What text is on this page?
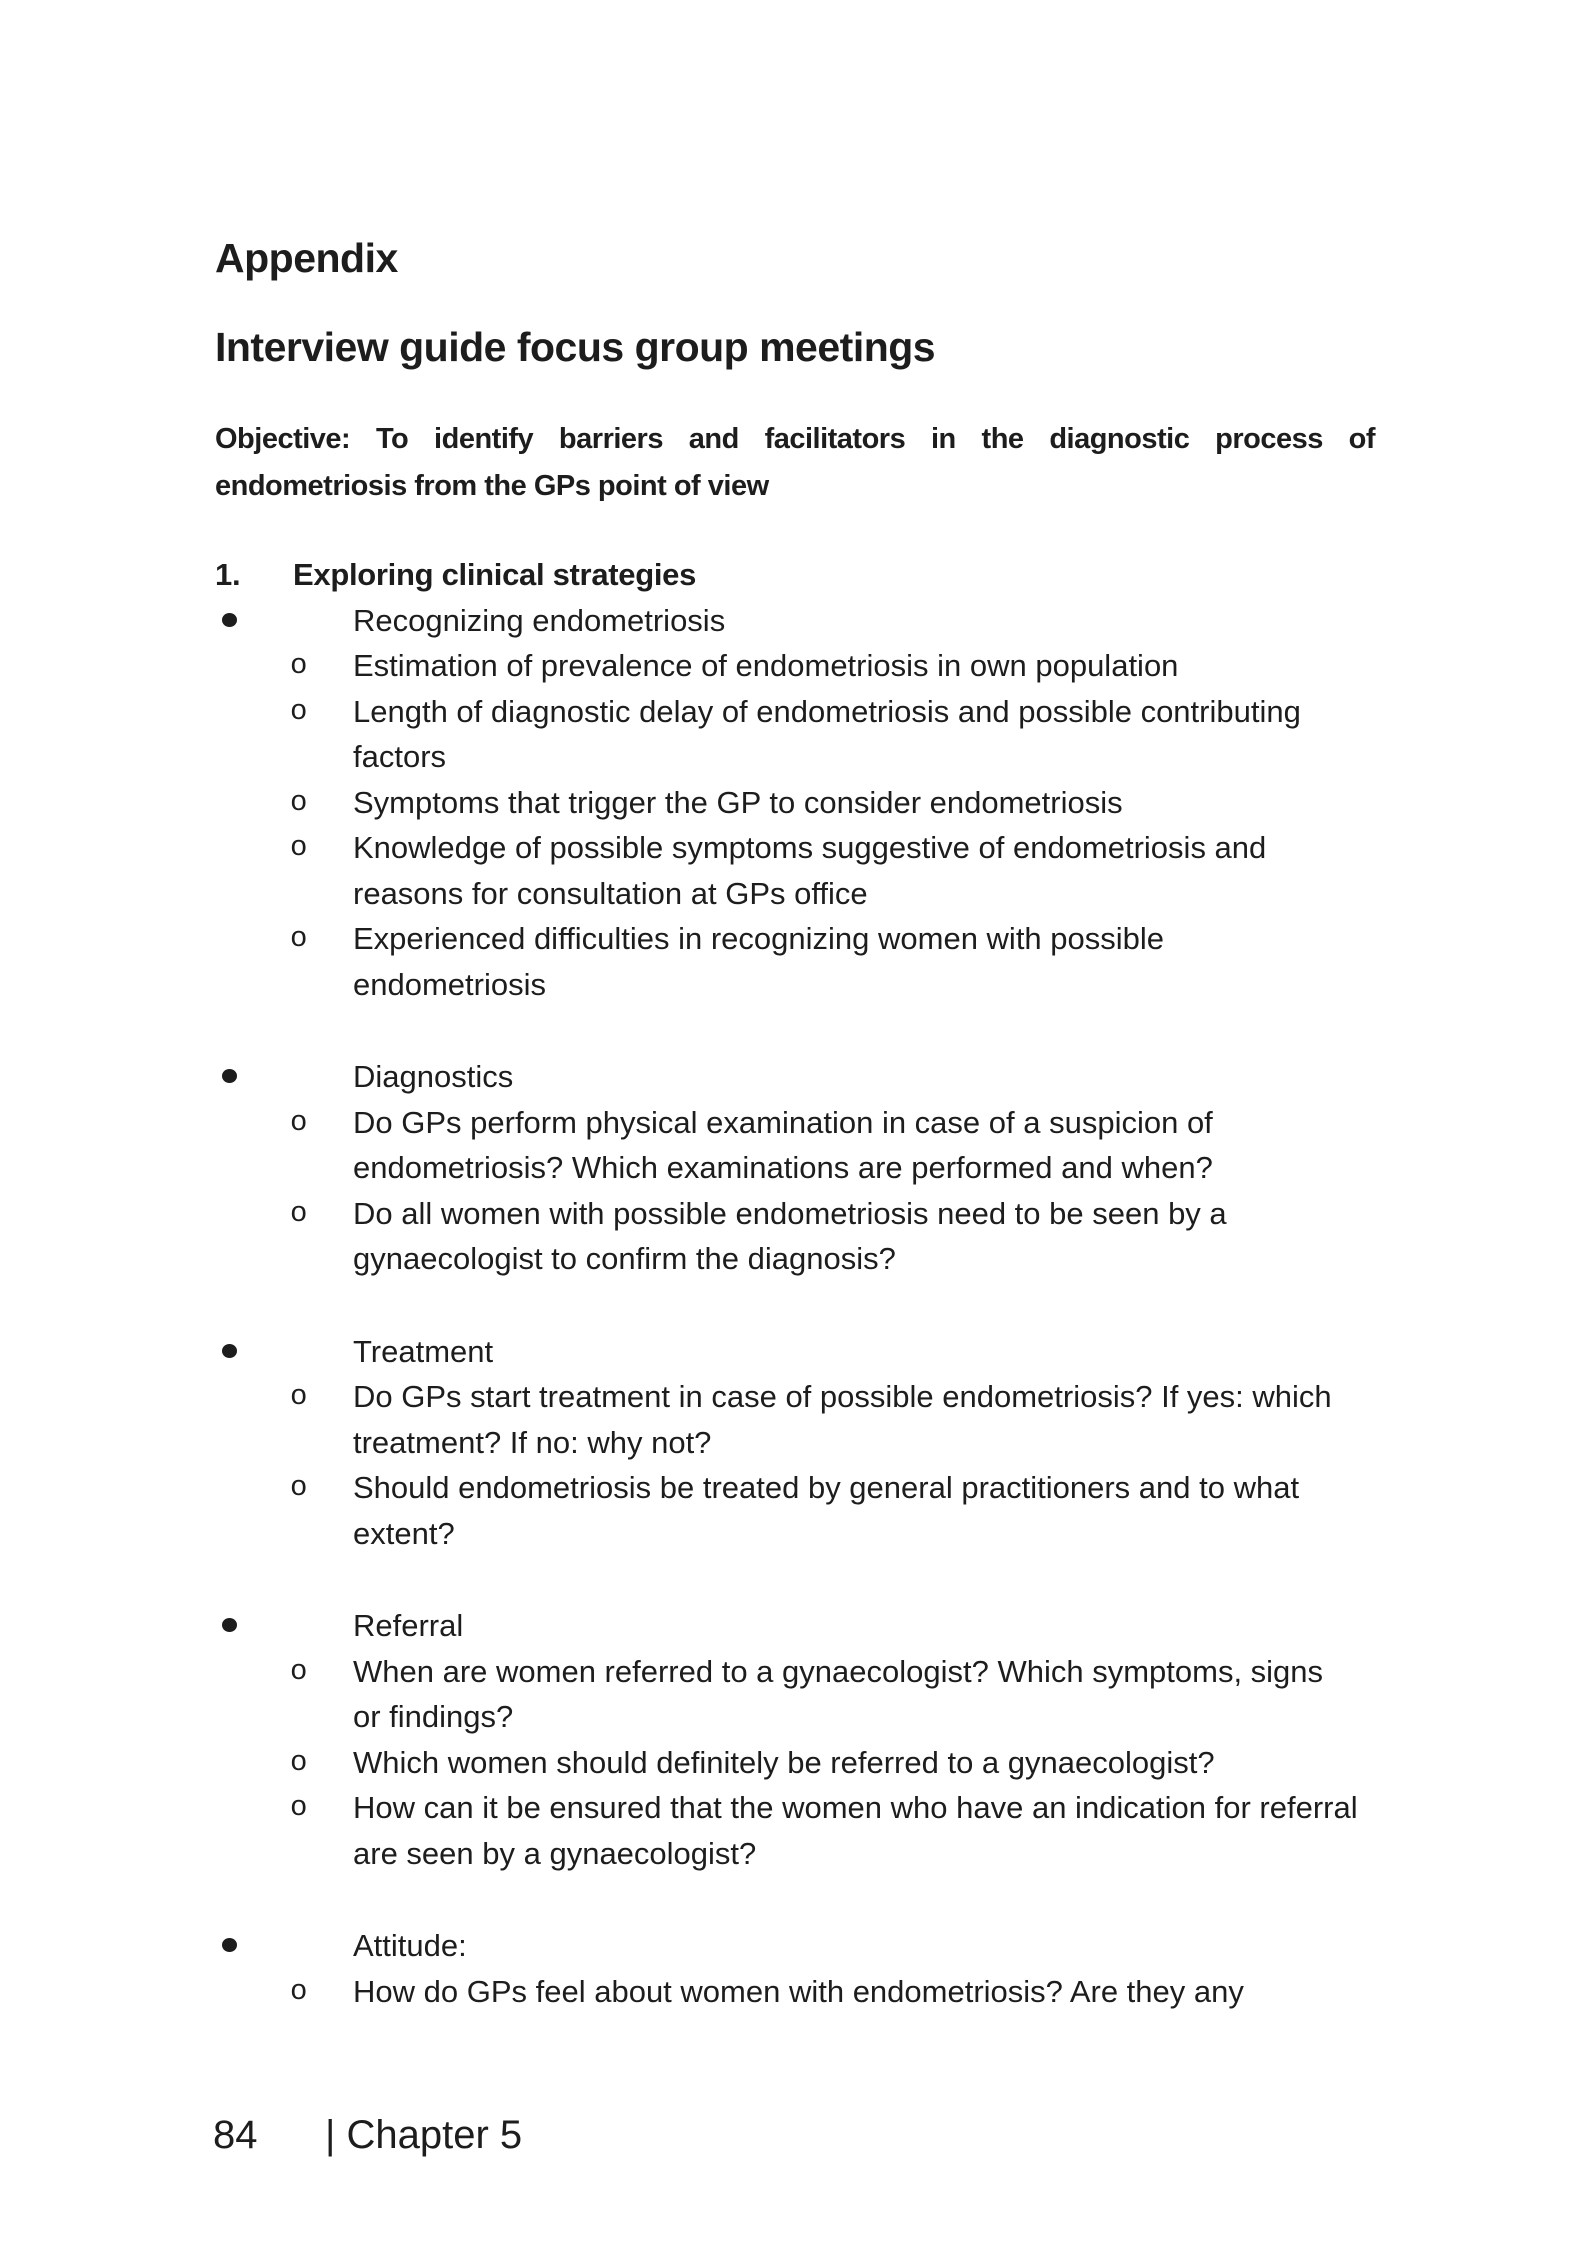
Appendix
Interview guide focus group meetings

Objective: To identify barriers and facilitators in the diagnostic process of
endometriosis from the GPs point of view

1.	Exploring clinical strategies
Recognizing endometriosis
o Estimation of prevalence of endometriosis in own population
o Length of diagnostic delay of endometriosis and possible contributing factors
o Symptoms that trigger the GP to consider endometriosis
o Knowledge of possible symptoms suggestive of endometriosis and reasons for consultation at GPs office
o Experienced difficulties in recognizing women with possible endometriosis
Diagnostics
o Do GPs perform physical examination in case of a suspicion of endometriosis? Which examinations are performed and when?
o Do all women with possible endometriosis need to be seen by a gynaecologist to confirm the diagnosis?
Treatment
o Do GPs start treatment in case of possible endometriosis? If yes: which treatment? If no: why not?
o Should endometriosis be treated by general practitioners and to what extent?
Referral
o When are women referred to a gynaecologist? Which symptoms, signs or findings?
o Which women should definitely be referred to a gynaecologist?
o How can it be ensured that the women who have an indication for referral are seen by a gynaecologist?
Attitude:
o How do GPs feel about women with endometriosis? Are they any
84 | Chapter 5
